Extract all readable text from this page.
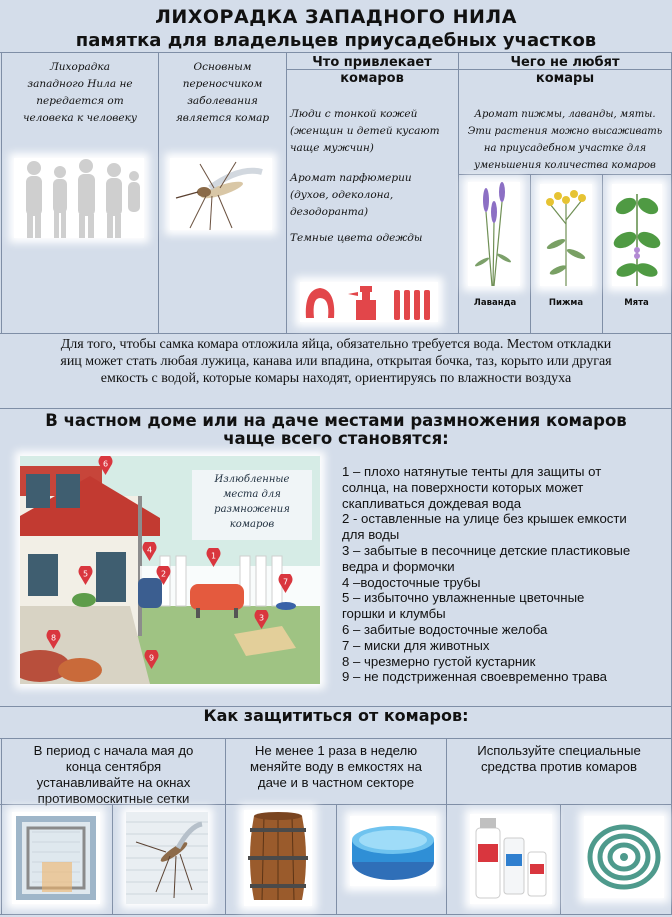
ЛИХОРАДКА ЗАПАДНОГО НИЛА
памятка для владельцев приусадебных участков
Лихорадка
западного Нила не
передается от
человека к человеку
Основным
переносчиком
заболевания
является комар
Что привлекает
комаров
Люди с тонкой кожей
(женщин и детей кусают
чаще мужчин)
Аромат парфюмерии
(духов, одеколона,
дезодоранта)
Темные цвета одежды
Чего не любят
комары
Аромат пижмы, лаванды, мяты.
Эти растения можно высаживать
на приусадебном участке для
уменьшения количества комаров
Лаванда	Пижма	Мята
Для того, чтобы самка комара отложила яйца, обязательно требуется вода. Местом откладки
яиц может стать любая лужица, канава или впадина, открытая бочка, таз, корыто или другая
емкость с водой, которые комары находят, ориентируясь по влажности воздуха
В частном доме или на даче местами размножения комаров
чаще всего становятся:
Излюбленные
места для
размножения
комаров
1
2
3
4
5
6
7
8
9
1 – плохо натянутые тенты для защиты от
солнца, на поверхности которых может
скапливаться дождевая вода
2 - оставленные на улице без крышек емкости
для воды
3 – забытые в песочнице детские пластиковые
ведра и формочки
4 –водосточные трубы
5 – избыточно увлажненные цветочные
горшки и клумбы
6 – забитые водосточные желоба
7 – миски для животных
8 – чрезмерно густой кустарник
9 – не подстриженная своевременно трава
Как защититься от комаров:
В период с начала мая до
конца сентября
устанавливайте на окнах
противомоскитные сетки
Не менее 1 раза в неделю
меняйте воду в емкостях на
даче и в частном секторе
Используйте специальные
средства против комаров
